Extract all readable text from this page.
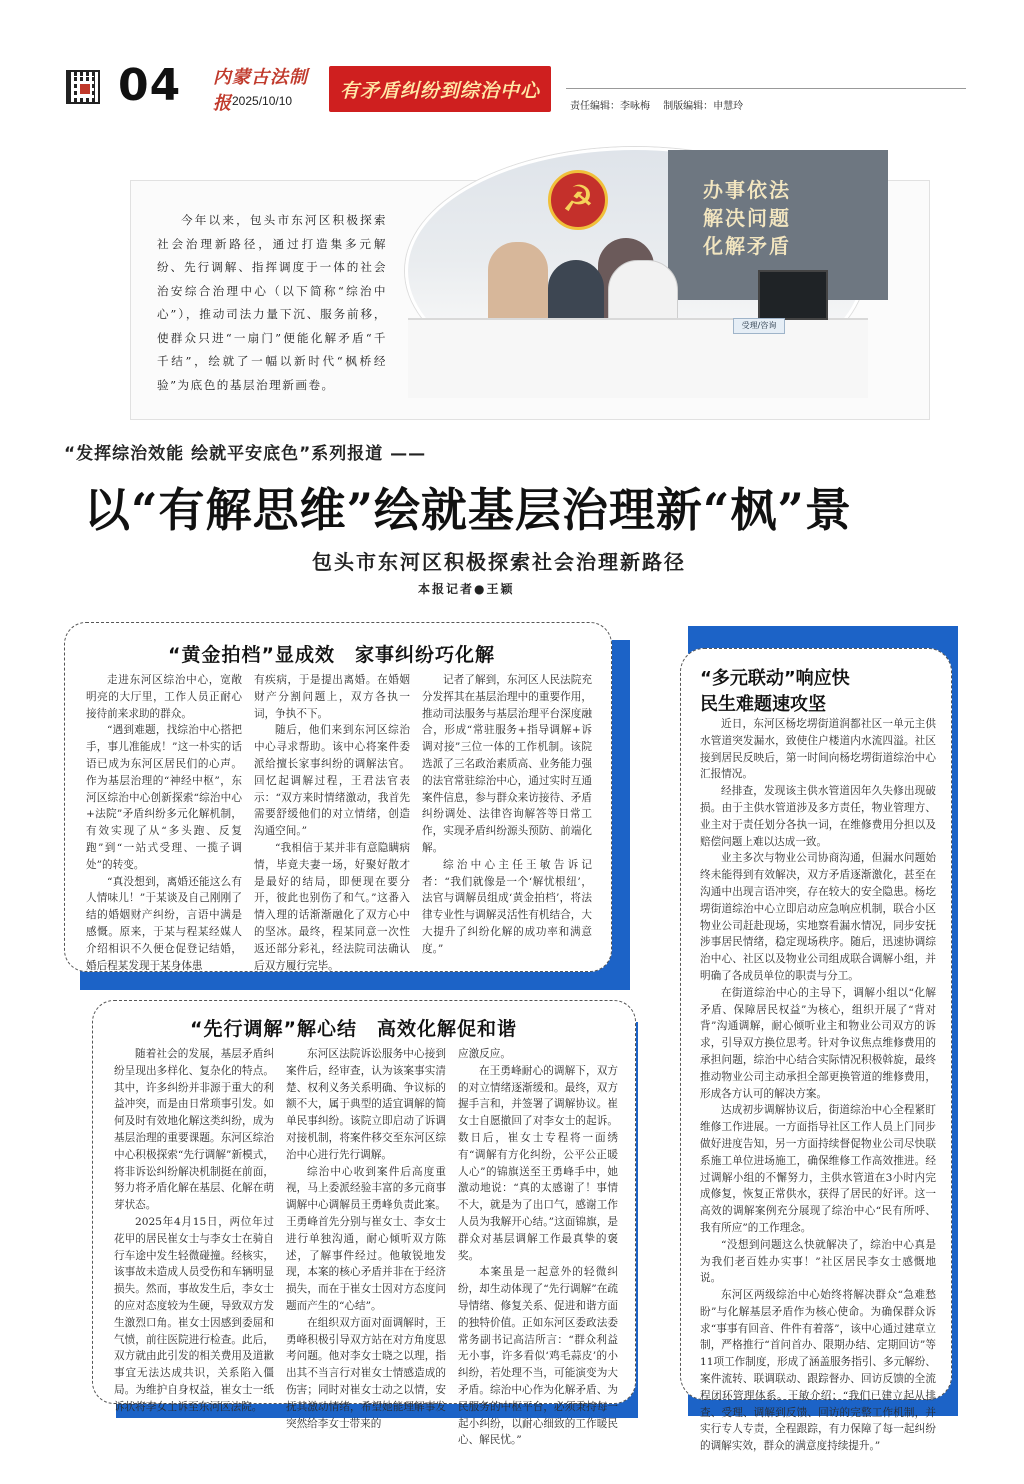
04 内蒙古法制报 2025/10/10	有矛盾纠纷到综治中心
责任编辑：李咏梅 制版编辑：申慧玲
今年以来，包头市东河区积极探索社会治理新路径，通过打造集多元解纷、先行调解、指挥调度于一体的社会治安综合治理中心（以下简称“综治中心”），推动司法力量下沉、服务前移，使群众只进“一扇门”便能化解矛盾“千千结”，绘就了一幅以新时代“枫桥经验”为底色的基层治理新画卷。
办事依法
解决问题
化解矛盾
☭
受理/咨询
“发挥综治效能 绘就平安底色”系列报道 ——
以“有解思维”绘就基层治理新“枫”景
包头市东河区积极探索社会治理新路径
本报记者●王颖
“黄金拍档”显成效　家事纠纷巧化解

走进东河区综治中心，宽敞明亮的大厅里，工作人员正耐心接待前来求助的群众。

“遇到难题，找综治中心搭把手，事儿准能成！”这一朴实的话语已成为东河区居民们的心声。作为基层治理的“神经中枢”，东河区综治中心创新探索“综治中心+法院”矛盾纠纷多元化解机制，有效实现了从“多头跑、反复跑”到“一站式受理、一揽子调处”的转变。

“真没想到，离婚还能这么有人情味儿！”于某谈及自己刚刚了结的婚姻财产纠纷，言语中满是感慨。原来，于某与程某经媒人介绍相识不久便仓促登记结婚，婚后程某发现于某身体患

有疾病，于是提出离婚。在婚姻财产分割问题上，双方各执一词，争执不下。

随后，他们来到东河区综治中心寻求帮助。该中心将案件委派给擅长家事纠纷的调解法官。回忆起调解过程，王君法官表示：“双方来时情绪激动，我首先需要舒缓他们的对立情绪，创造沟通空间。”

“我相信于某并非有意隐瞒病情，毕竟夫妻一场，好聚好散才是最好的结局，即便现在要分开，彼此也别伤了和气。”这番入情入理的话渐渐融化了双方心中的坚冰。最终，程某同意一次性返还部分彩礼，经法院司法确认后双方履行完毕。

记者了解到，东河区人民法院充分发挥其在基层治理中的重要作用，推动司法服务与基层治理平台深度融合，形成“常驻服务+指导调解+诉调对接”三位一体的工作机制。该院选派了三名政治素质高、业务能力强的法官常驻综治中心，通过实时互通案件信息，参与群众来访接待、矛盾纠纷调处、法律咨询解答等日常工作，实现矛盾纠纷源头预防、前端化解。

综治中心主任王敏告诉记者：“我们就像是一个‘解忧根纽’，法官与调解员组成‘黄金拍档’，将法律专业性与调解灵活性有机结合，大大提升了纠纷化解的成功率和满意度。”

“先行调解”解心结　高效化解促和谐

随着社会的发展，基层矛盾纠纷呈现出多样化、复杂化的特点。其中，许多纠纷并非源于重大的利益冲突，而是由日常琐事引发。如何及时有效地化解这类纠纷，成为基层治理的重要课题。东河区综治中心积极探索“先行调解”新模式，将非诉讼纠纷解决机制挺在前面，努力将矛盾化解在基层、化解在萌芽状态。

2025年4月15日，两位年过花甲的居民崔女士与李女士在骑自行车途中发生轻微碰撞。经核实，该事故未造成人员受伤和车辆明显损失。然而，事故发生后，李女士的应对态度较为生硬，导致双方发生激烈口角。崔女士因感到委屈和气愤，前往医院进行检查。此后，双方就由此引发的相关费用及道歉事宜无法达成共识，关系陷入僵局。为维护自身权益，崔女士一纸诉状将李女士诉至东河区法院。

东河区法院诉讼服务中心接到案件后，经审查，认为该案事实清楚、权利义务关系明确、争议标的额不大，属于典型的适宜调解的简单民事纠纷。该院立即启动了诉调对接机制，将案件移交至东河区综治中心进行先行调解。

综治中心收到案件后高度重视，马上委派经验丰富的多元商事调解中心调解员王勇峰负责此案。王勇峰首先分别与崔女士、李女士进行单独沟通，耐心倾听双方陈述，了解事件经过。他敏锐地发现，本案的核心矛盾并非在于经济损失，而在于崔女士因对方态度问题而产生的“心结”。

在组织双方面对面调解时，王勇峰积极引导双方站在对方角度思考问题。他对李女士晓之以理，指出其不当言行对崔女士情感造成的伤害；同时对崔女士动之以情，安抚其激动情绪，希望她能理解事发突然给李女士带来的

应激反应。

在王勇峰耐心的调解下，双方的对立情绪逐渐缓和。最终，双方握手言和，并签署了调解协议。崔女士自愿撤回了对李女士的起诉。数日后，崔女士专程将一面绣有“调解有方化纠纷，公平公正暖人心”的锦旗送至王勇峰手中，她激动地说：“真的太感谢了！事情不大，就是为了出口气，感谢工作人员为我解开心结。”这面锦旗，是群众对基层调解工作最真挚的褒奖。

本案虽是一起意外的轻微纠纷，却生动体现了“先行调解”在疏导情绪、修复关系、促进和谐方面的独特价值。正如东河区委政法委常务副书记高洁所言：“群众利益无小事，许多看似‘鸡毛蒜皮’的小纠纷，若处理不当，可能演变为大矛盾。综治中心作为化解矛盾、为民服务的中枢平台，必须秉持每一起小纠纷，以耐心细致的工作暖民心、解民忧。”

“多元联动”响应快
民生难题速攻坚

近日，东河区杨圪塄街道润都社区一单元主供水管道突发漏水，致使住户楼道内水流四溢。社区接到居民反映后，第一时间向杨圪塄街道综治中心汇报情况。

经排查，发现该主供水管道因年久失修出现破损。由于主供水管道涉及多方责任，物业管理方、业主对于责任划分各执一词，在维修费用分担以及赔偿问题上难以达成一致。

业主多次与物业公司协商沟通，但漏水问题始终未能得到有效解决，双方矛盾逐渐激化，甚至在沟通中出现言语冲突，存在较大的安全隐患。杨圪塄街道综治中心立即启动应急响应机制，联合小区物业公司赶赴现场，实地察看漏水情况，同步安抚涉事居民情绪，稳定现场秩序。随后，迅速协调综治中心、社区以及物业公司组成联合调解小组，并明确了各成员单位的职责与分工。

在街道综治中心的主导下，调解小组以“化解矛盾、保障居民权益”为核心，组织开展了“背对背”沟通调解，耐心倾听业主和物业公司双方的诉求，引导双方换位思考。针对争议焦点维修费用的承担问题，综治中心结合实际情况积极斡旋，最终推动物业公司主动承担全部更换管道的维修费用，形成各方认可的解决方案。

达成初步调解协议后，街道综治中心全程紧盯维修工作进展。一方面指导社区工作人员上门同步做好进度告知，另一方面持续督促物业公司尽快联系施工单位进场施工，确保维修工作高效推进。经过调解小组的不懈努力，主供水管道在3小时内完成修复，恢复正常供水，获得了居民的好评。这一高效的调解案例充分展现了综治中心“民有所呼、我有所应”的工作理念。

“没想到问题这么快就解决了，综治中心真是为我们老百姓办实事！”社区居民李女士感慨地说。

东河区两级综治中心始终将解决群众“急难愁盼”与化解基层矛盾作为核心使命。为确保群众诉求“事事有回音、件件有着落”，该中心通过建章立制，严格推行“首问首办、限期办结、定期回访”等11项工作制度，形成了涵盖服务指引、多元解纷、案件流转、联调联动、跟踪督办、回访反馈的全流程闭环管理体系。王敏介绍：“我们已建立起从排查、受理、调解到反馈、回访的完整工作机制，并实行专人专责，全程跟踪，有力保障了每一起纠纷的调解实效，群众的满意度持续提升。”
